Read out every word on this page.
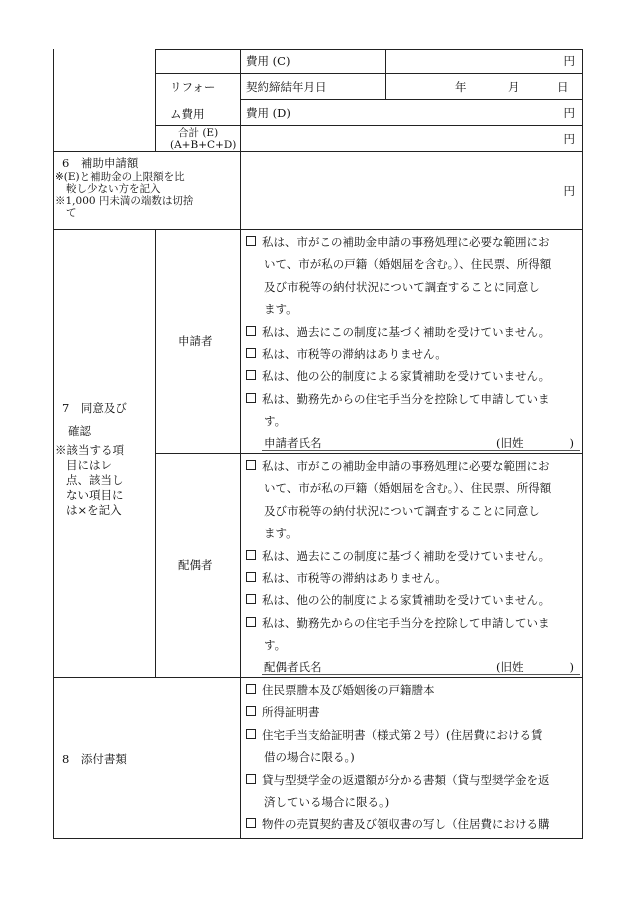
費用 (C)	円
リフォー
ム費用
契約締結年月日	年	月	日
費用 (D)	円
合計 (E)
(A+B+C+D)	円
6　補助申請額
※(E)と補助金の上限額を比
較し少ない方を記入
※1,000 円未満の端数は切捨
て
円
7　同意及び
確認
※該当する項
目にはレ
点、該当し
ない項目に
は×を記入
申請者
私は、市がこの補助金申請の事務処理に必要な範囲にお
いて、市が私の戸籍（婚姻届を含む。）、住民票、所得額
及び市税等の納付状況について調査することに同意し
ます。
私は、過去にこの制度に基づく補助を受けていません。
私は、市税等の滞納はありません。
私は、他の公的制度による家賃補助を受けていません。
私は、勤務先からの住宅手当分を控除して申請していま
す。
申請者氏名	(旧姓　　　　)
配偶者
私は、市がこの補助金申請の事務処理に必要な範囲にお
いて、市が私の戸籍（婚姻届を含む。）、住民票、所得額
及び市税等の納付状況について調査することに同意し
ます。
私は、過去にこの制度に基づく補助を受けていません。
私は、市税等の滞納はありません。
私は、他の公的制度による家賃補助を受けていません。
私は、勤務先からの住宅手当分を控除して申請していま
す。
配偶者氏名	(旧姓　　　　)
8　添付書類
住民票謄本及び婚姻後の戸籍謄本
所得証明書
住宅手当支給証明書（様式第２号）(住居費における賃
借の場合に限る。)
貸与型奨学金の返還額が分かる書類（貸与型奨学金を返
済している場合に限る。)
物件の売買契約書及び領収書の写し（住居費における購
